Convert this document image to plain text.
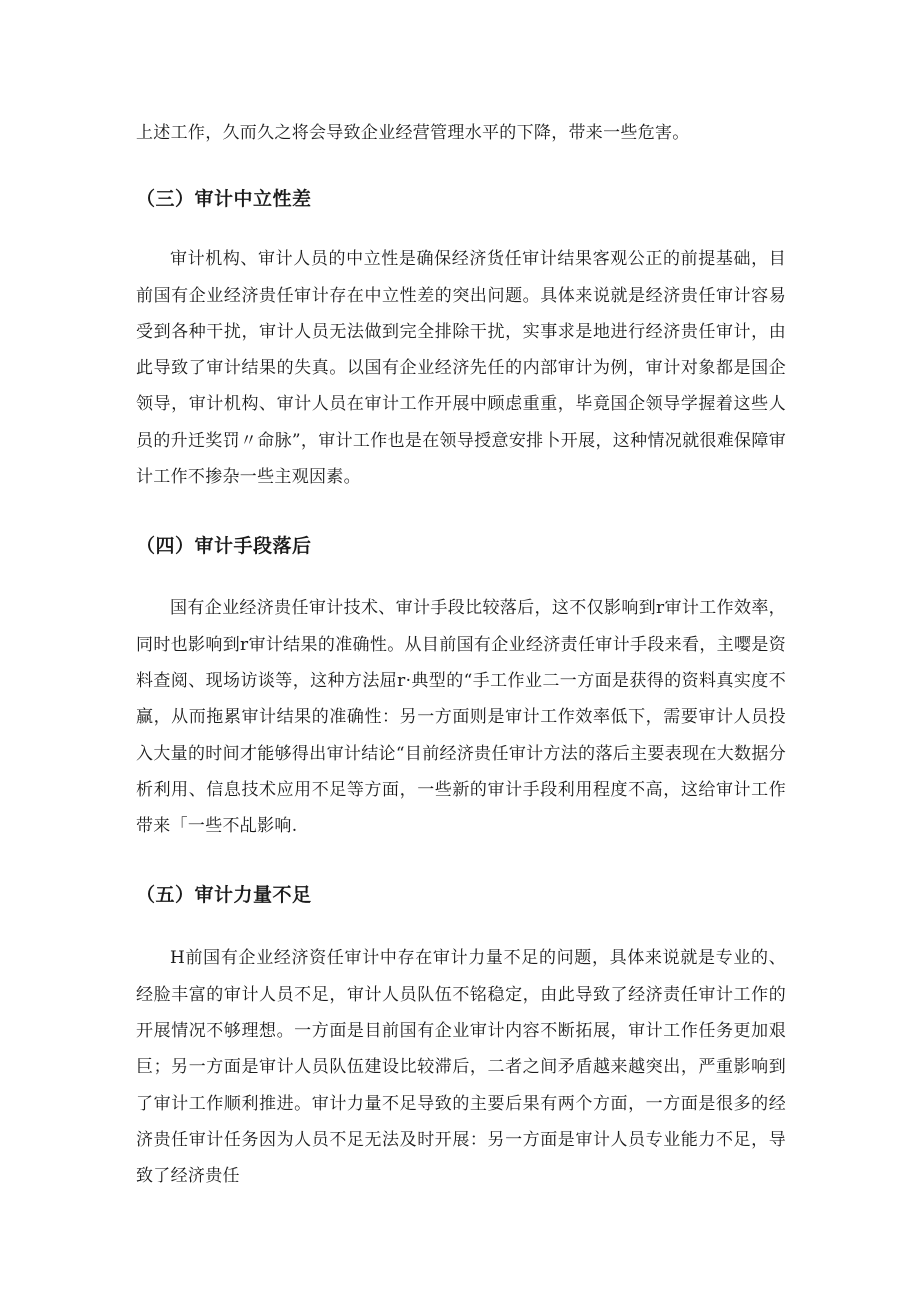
上述工作，久而久之将会导致企业经营管理水平的下降，带来一些危害。

（三）审计中立性差

审计机构、审计人员的中立性是确保经济货任审计结果客观公正的前提基础，目前国有企业经济贵任审计存在中立性差的突出问题。具体来说就是经济贵任审计容易受到各种干扰，审计人员无法做到完全排除干扰，实事求是地进行经济贵任审计，由此导致了审计结果的失真。以国有企业经济先任的内部审计为例，审计对象都是国企领导，审计机构、审计人员在审计工作开展中顾虑重重，毕竟国企领导学握着这些人员的升迁奖罚〃命脉”，审计工作也是在领导授意安排卜开展，这种情况就很难保障审计工作不掺杂一些主观因素。

（四）审计手段落后

国有企业经济贵任审计技术、审计手段比较落后，这不仅影响到r审计工作效率，同时也影响到r审计结果的准确性。从目前国有企业经济责任审计手段来看，主嘤是资料查阅、现场访谈等，这种方法屈r·典型的“手工作业二一方面是获得的资料真实度不赢，从而拖累审计结果的准确性：另一方面则是审计工作效率低下，需要审计人员投入大量的时间才能够得出审计结论“目前经济贵任审计方法的落后主要表现在大数据分析利用、信息技术应用不足等方面，一些新的审计手段利用程度不高，这给审计工作带来「一些不乩影响.

（五）审计力量不足

H前国有企业经济资任审计中存在审计力量不足的问题，具体来说就是专业的、经脸丰富的审计人员不足，审计人员队伍不铭稳定，由此导致了经济责任审计工作的开展情况不够理想。一方面是目前国有企业审计内容不断拓展，审计工作任务更加艰巨；另一方面是审计人员队伍建设比较滞后，二者之间矛盾越来越突出，严重影响到了审计工作顺利推进。审计力量不足导致的主要后果有两个方面，一方面是很多的经济贵任审计任务因为人员不足无法及时开展：另一方面是审计人员专业能力不足，导致了经济贵任
